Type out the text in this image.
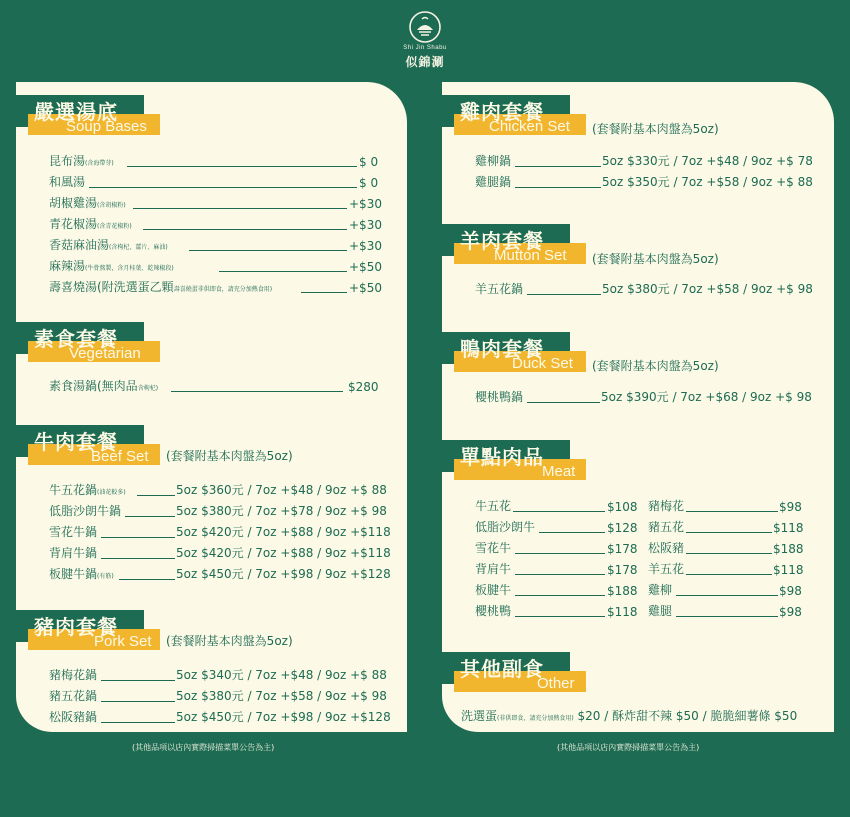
Shi Jin Shabu
似錦涮
嚴選湯底
Soup Bases
昆布湯(含海帶芽)	$ 0
和風湯	$ 0
胡椒雞湯(含胡椒粉)	+$30
青花椒湯(含青花椒粉)	+$30
香菇麻油湯(含枸杞、薑片、麻油)	+$30
麻辣湯(牛骨熬製，含月桂葉、乾辣椒段)	+$50
壽喜燒湯(附洗選蛋乙顆壽喜燒蛋非供即食，請充分加熱食用)	+$50
素食套餐
Vegetarian
素食湯鍋(無肉品含枸杞)	$280
牛肉套餐
Beef Set (套餐附基本肉盤為5oz)
牛五花鍋(油花較多)	5oz $360元 / 7oz +$48 / 9oz +$ 88
低脂沙朗牛鍋	5oz $380元 / 7oz +$78 / 9oz +$ 98
雪花牛鍋	5oz $420元 / 7oz +$88 / 9oz +$118
背肩牛鍋	5oz $420元 / 7oz +$88 / 9oz +$118
板腱牛鍋(有筋)	5oz $450元 / 7oz +$98 / 9oz +$128
豬肉套餐
Pork Set (套餐附基本肉盤為5oz)
豬梅花鍋	5oz $340元 / 7oz +$48 / 9oz +$ 88
豬五花鍋	5oz $380元 / 7oz +$58 / 9oz +$ 98
松阪豬鍋	5oz $450元 / 7oz +$98 / 9oz +$128
雞肉套餐
Chicken Set (套餐附基本肉盤為5oz)
雞柳鍋	5oz $330元 / 7oz +$48 / 9oz +$ 78
雞腿鍋	5oz $350元 / 7oz +$58 / 9oz +$ 88
羊肉套餐
Mutton Set (套餐附基本肉盤為5oz)
羊五花鍋	5oz $380元 / 7oz +$58 / 9oz +$ 98
鴨肉套餐
Duck Set (套餐附基本肉盤為5oz)
櫻桃鴨鍋	5oz $390元 / 7oz +$68 / 9oz +$ 98
單點肉品
Meat
牛五花	$108
低脂沙朗牛	$128
雪花牛	$178
背肩牛	$178
板腱牛	$188
櫻桃鴨	$118
豬梅花	$98
豬五花	$118
松阪豬	$188
羊五花	$118
雞柳	$98
雞腿	$98
其他副食
Other
洗選蛋(非供即食，請充分加熱食用) $20 / 酥炸甜不辣 $50 / 脆脆細薯條 $50
(其他品項以店內實際掃描菜單公告為主)	(其他品項以店內實際掃描菜單公告為主)
